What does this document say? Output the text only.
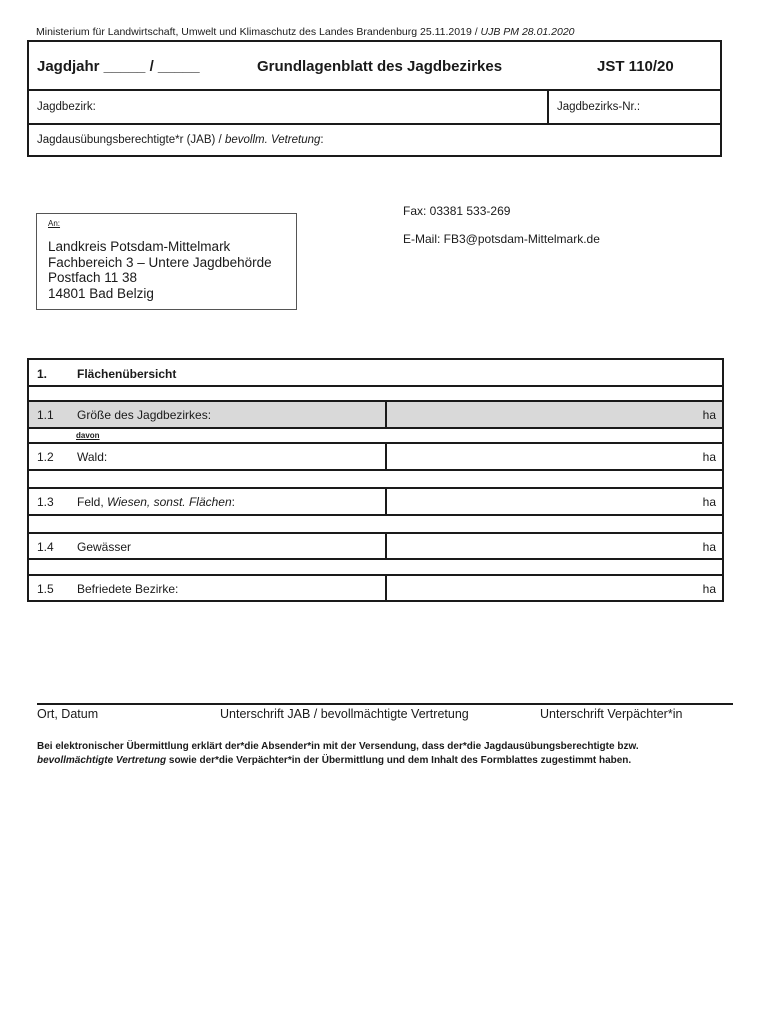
Ministerium für Landwirtschaft, Umwelt und Klimaschutz des Landes Brandenburg 25.11.2019 / UJB PM 28.01.2020
Jagdjahr _____ / _____	Grundlagenblatt des Jagdbezirkes	JST 110/20
Jagdbezirk:	Jagdbezirks-Nr.:
Jagdausübungsberechtigte*r (JAB) / bevollm. Vetretung:
An:
Landkreis Potsdam-Mittelmark
Fachbereich 3 – Untere Jagdbehörde
Postfach 11 38
14801 Bad Belzig
Fax: 03381 533-269
E-Mail: FB3@potsdam-Mittelmark.de
1. Flächenübersicht
1.1 Größe des Jagdbezirkes:	ha
davon
1.2 Wald:	ha
1.3 Feld, Wiesen, sonst. Flächen:	ha
1.4 Gewässer	ha
1.5 Befriedete Bezirke:	ha
Ort, Datum	Unterschrift JAB / bevollmächtigte Vertretung	Unterschrift Verpächter*in
Bei elektronischer Übermittlung erklärt der*die Absender*in mit der Versendung, dass der*die Jagdausübungsberechtigte bzw.
bevollmächtigte Vertretung sowie der*die Verpächter*in der Übermittlung und dem Inhalt des Formblattes zugestimmt haben.
